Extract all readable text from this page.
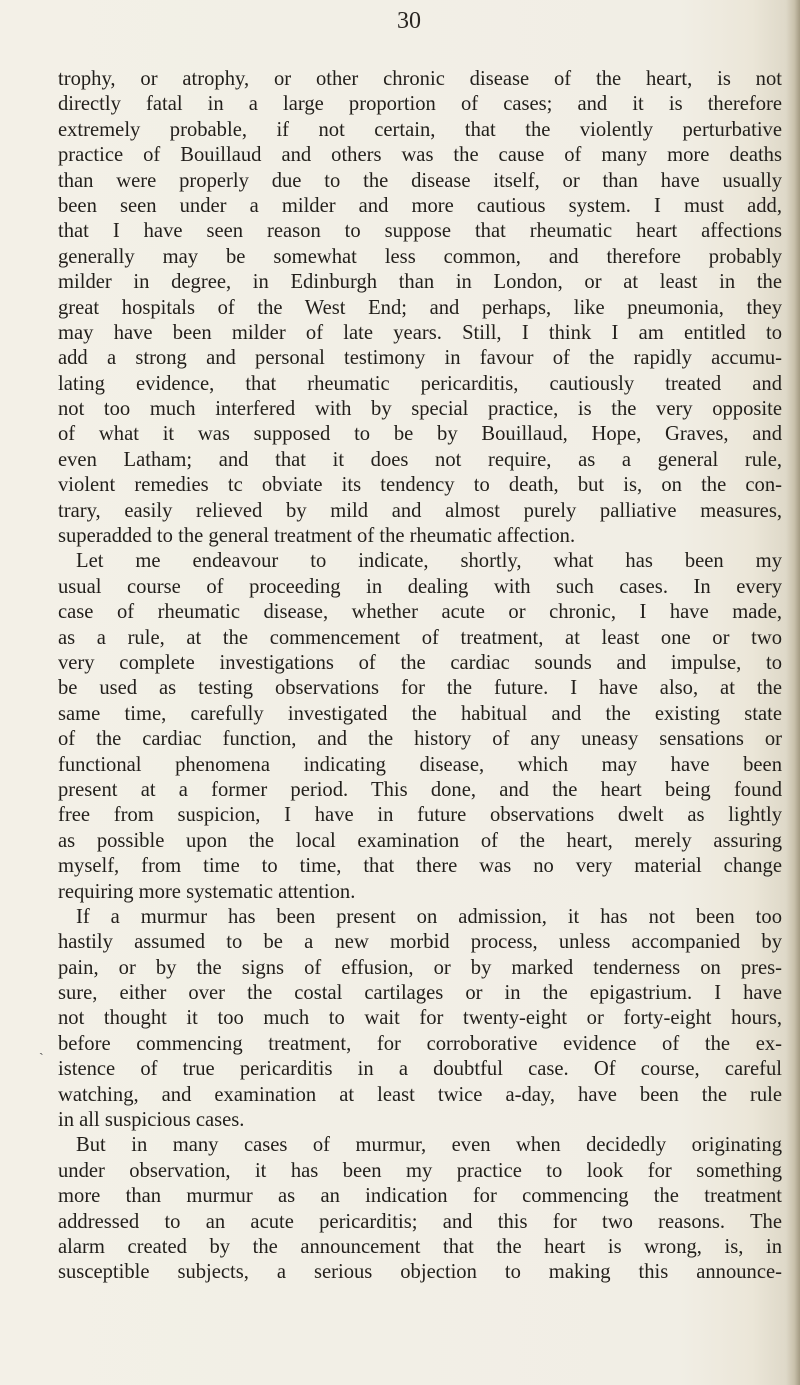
30
trophy, or atrophy, or other chronic disease of the heart, is not
directly fatal in a large proportion of cases; and it is therefore
extremely probable, if not certain, that the violently perturbative
practice of Bouillaud and others was the cause of many more deaths
than were properly due to the disease itself, or than have usually
been seen under a milder and more cautious system. I must add,
that I have seen reason to suppose that rheumatic heart affections
generally may be somewhat less common, and therefore probably
milder in degree, in Edinburgh than in London, or at least in the
great hospitals of the West End; and perhaps, like pneumonia, they
may have been milder of late years. Still, I think I am entitled to
add a strong and personal testimony in favour of the rapidly accumu-
lating evidence, that rheumatic pericarditis, cautiously treated and
not too much interfered with by special practice, is the very opposite
of what it was supposed to be by Bouillaud, Hope, Graves, and
even Latham; and that it does not require, as a general rule,
violent remedies tc obviate its tendency to death, but is, on the con-
trary, easily relieved by mild and almost purely palliative measures,
superadded to the general treatment of the rheumatic affection.
Let me endeavour to indicate, shortly, what has been my
usual course of proceeding in dealing with such cases. In every
case of rheumatic disease, whether acute or chronic, I have made,
as a rule, at the commencement of treatment, at least one or two
very complete investigations of the cardiac sounds and impulse, to
be used as testing observations for the future. I have also, at the
same time, carefully investigated the habitual and the existing state
of the cardiac function, and the history of any uneasy sensations or
functional phenomena indicating disease, which may have been
present at a former period. This done, and the heart being found
free from suspicion, I have in future observations dwelt as lightly
as possible upon the local examination of the heart, merely assuring
myself, from time to time, that there was no very material change
requiring more systematic attention.
If a murmur has been present on admission, it has not been too
hastily assumed to be a new morbid process, unless accompanied by
pain, or by the signs of effusion, or by marked tenderness on pres-
sure, either over the costal cartilages or in the epigastrium. I have
not thought it too much to wait for twenty-eight or forty-eight hours,
before commencing treatment, for corroborative evidence of the ex-
istence of true pericarditis in a doubtful case. Of course, careful
watching, and examination at least twice a-day, have been the rule
in all suspicious cases.
But in many cases of murmur, even when decidedly originating
under observation, it has been my practice to look for something
more than murmur as an indication for commencing the treatment
addressed to an acute pericarditis; and this for two reasons. The
alarm created by the announcement that the heart is wrong, is, in
susceptible subjects, a serious objection to making this announce-
ˎ
